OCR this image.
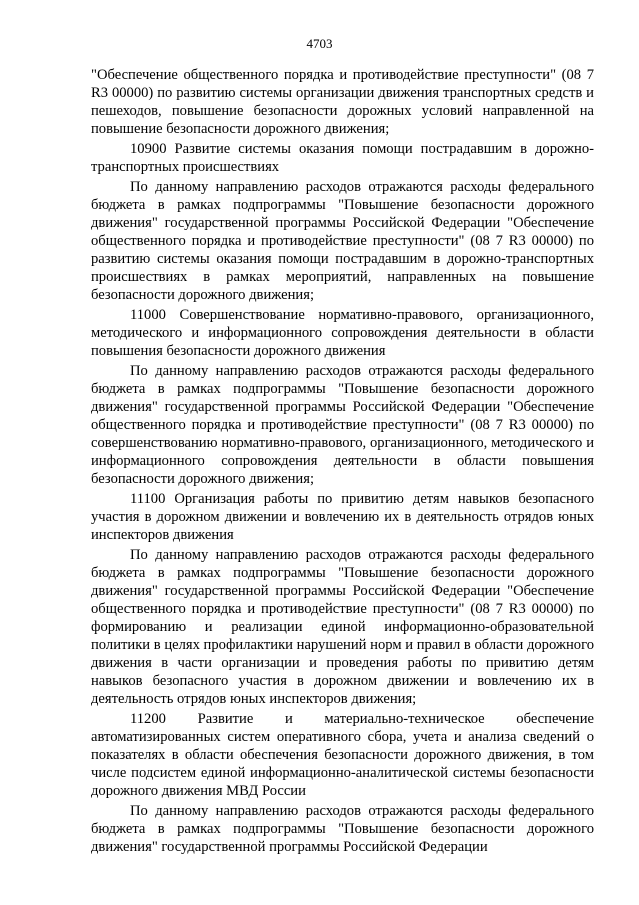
4703

"Обеспечение общественного порядка и противодействие преступности" (08 7 R3 00000) по развитию системы организации движения транспортных средств и пешеходов, повышение безопасности дорожных условий направленной на повышение безопасности дорожного движения;

10900 Развитие системы оказания помощи пострадавшим в дорожно-транспортных происшествиях

По данному направлению расходов отражаются расходы федерального бюджета в рамках подпрограммы "Повышение безопасности дорожного движения" государственной программы Российской Федерации "Обеспечение общественного порядка и противодействие преступности" (08 7 R3 00000) по развитию системы оказания помощи пострадавшим в дорожно-транспортных происшествиях в рамках мероприятий, направленных на повышение безопасности дорожного движения;

11000 Совершенствование нормативно-правового, организационного, методического и информационного сопровождения деятельности в области повышения безопасности дорожного движения

По данному направлению расходов отражаются расходы федерального бюджета в рамках подпрограммы "Повышение безопасности дорожного движения" государственной программы Российской Федерации "Обеспечение общественного порядка и противодействие преступности" (08 7 R3 00000) по совершенствованию нормативно-правового, организационного, методического и информационного сопровождения деятельности в области повышения безопасности дорожного движения;

11100 Организация работы по привитию детям навыков безопасного участия в дорожном движении и вовлечению их в деятельность отрядов юных инспекторов движения

По данному направлению расходов отражаются расходы федерального бюджета в рамках подпрограммы "Повышение безопасности дорожного движения" государственной программы Российской Федерации "Обеспечение общественного порядка и противодействие преступности" (08 7 R3 00000) по формированию и реализации единой информационно-образовательной политики в целях профилактики нарушений норм и правил в области дорожного движения в части организации и проведения работы по привитию детям навыков безопасного участия в дорожном движении и вовлечению их в деятельность отрядов юных инспекторов движения;

11200 Развитие и материально-техническое обеспечение автоматизированных систем оперативного сбора, учета и анализа сведений о показателях в области обеспечения безопасности дорожного движения, в том числе подсистем единой информационно-аналитической системы безопасности дорожного движения МВД России

По данному направлению расходов отражаются расходы федерального бюджета в рамках подпрограммы "Повышение безопасности дорожного движения" государственной программы Российской Федерации
